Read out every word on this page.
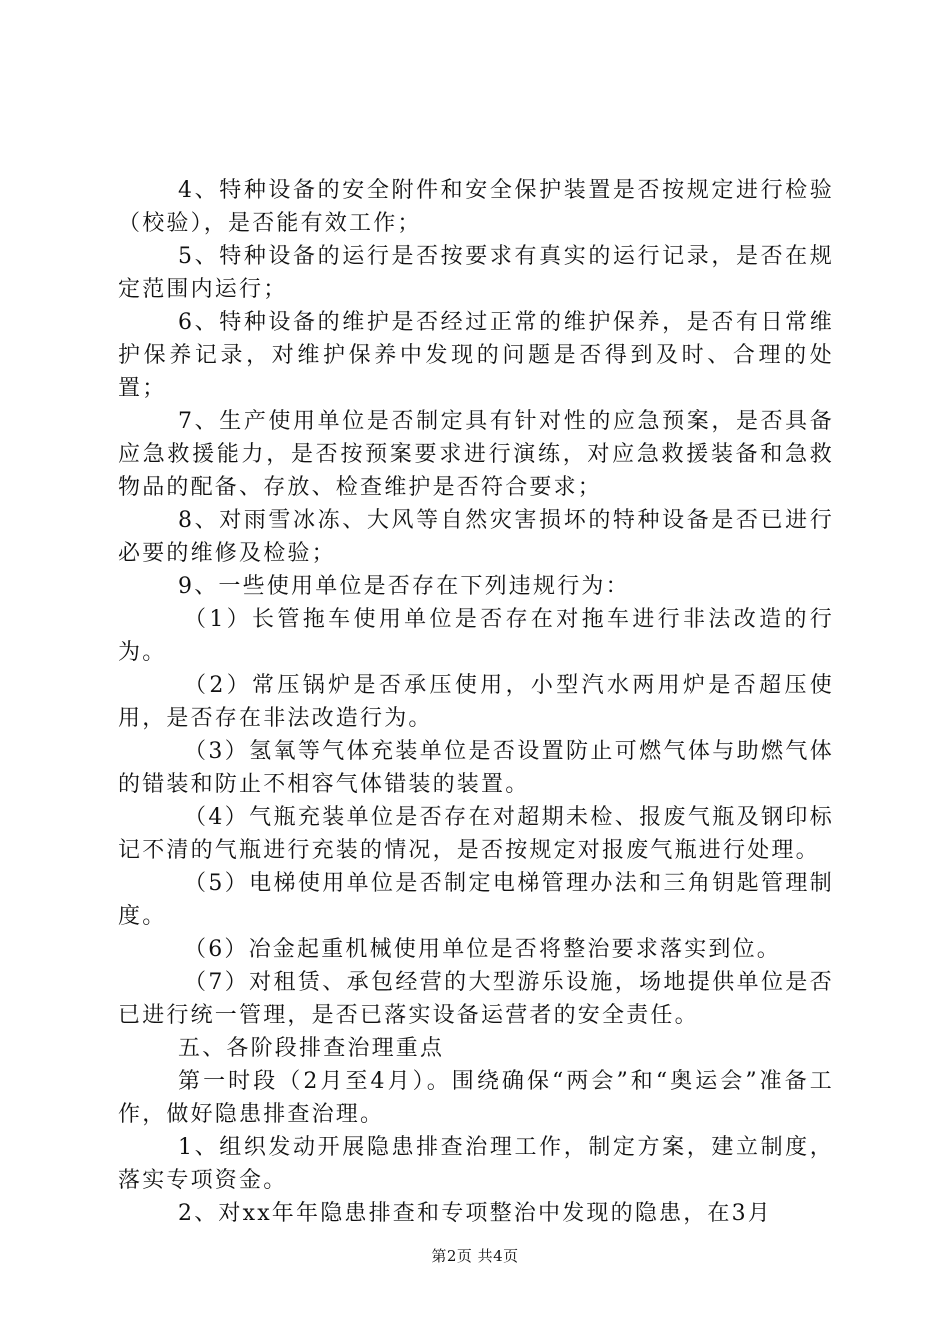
4、特种设备的安全附件和安全保护装置是否按规定进行检验（校验），是否能有效工作；

5、特种设备的运行是否按要求有真实的运行记录，是否在规定范围内运行；

6、特种设备的维护是否经过正常的维护保养，是否有日常维护保养记录，对维护保养中发现的问题是否得到及时、合理的处置；

7、生产使用单位是否制定具有针对性的应急预案，是否具备应急救援能力，是否按预案要求进行演练，对应急救援装备和急救物品的配备、存放、检查维护是否符合要求；

8、对雨雪冰冻、大风等自然灾害损坏的特种设备是否已进行必要的维修及检验；

9、一些使用单位是否存在下列违规行为：

（1）长管拖车使用单位是否存在对拖车进行非法改造的行为。

（2）常压锅炉是否承压使用，小型汽水两用炉是否超压使用，是否存在非法改造行为。

（3）氢氧等气体充装单位是否设置防止可燃气体与助燃气体的错装和防止不相容气体错装的装置。

（4）气瓶充装单位是否存在对超期未检、报废气瓶及钢印标记不清的气瓶进行充装的情况，是否按规定对报废气瓶进行处理。

（5）电梯使用单位是否制定电梯管理办法和三角钥匙管理制度。

（6）冶金起重机械使用单位是否将整治要求落实到位。

（7）对租赁、承包经营的大型游乐设施，场地提供单位是否已进行统一管理，是否已落实设备运营者的安全责任。

五、各阶段排查治理重点

第一时段（2月至4月）。围绕确保“两会”和“奥运会”准备工作，做好隐患排查治理。

1、组织发动开展隐患排查治理工作，制定方案，建立制度，落实专项资金。

2、对xx年年隐患排查和专项整治中发现的隐患，在3月

第2页 共4页
